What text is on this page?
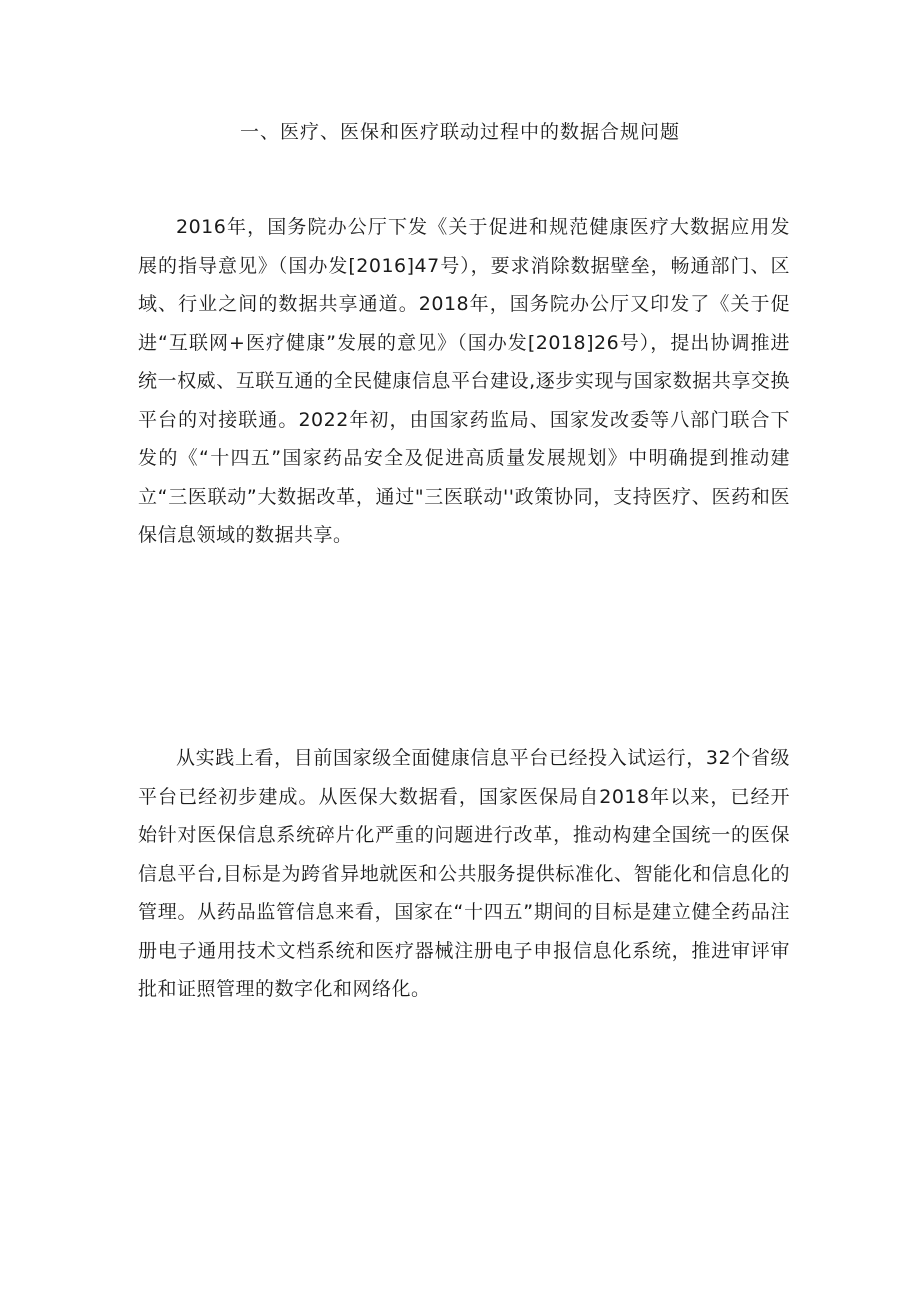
一、医疗、医保和医疗联动过程中的数据合规问题

2016年，国务院办公厅下发《关于促进和规范健康医疗大数据应用发展的指导意见》（国办发[2016]47号），要求消除数据壁垒，畅通部门、区域、行业之间的数据共享通道。2018年，国务院办公厅又印发了《关于促进“互联网+医疗健康”发展的意见》（国办发[2018]26号），提出协调推进统一权威、互联互通的全民健康信息平台建设,逐步实现与国家数据共享交换平台的对接联通。2022年初，由国家药监局、国家发改委等八部门联合下发的《“十四五”国家药品安全及促进高质量发展规划》中明确提到推动建立“三医联动”大数据改革，通过"三医联动''政策协同，支持医疗、医药和医保信息领域的数据共享。

从实践上看，目前国家级全面健康信息平台已经投入试运行，32个省级平台已经初步建成。从医保大数据看，国家医保局自2018年以来，已经开始针对医保信息系统碎片化严重的问题进行改革，推动构建全国统一的医保信息平台,目标是为跨省异地就医和公共服务提供标准化、智能化和信息化的管理。从药品监管信息来看，国家在“十四五”期间的目标是建立健全药品注册电子通用技术文档系统和医疗器械注册电子申报信息化系统，推进审评审批和证照管理的数字化和网络化。
